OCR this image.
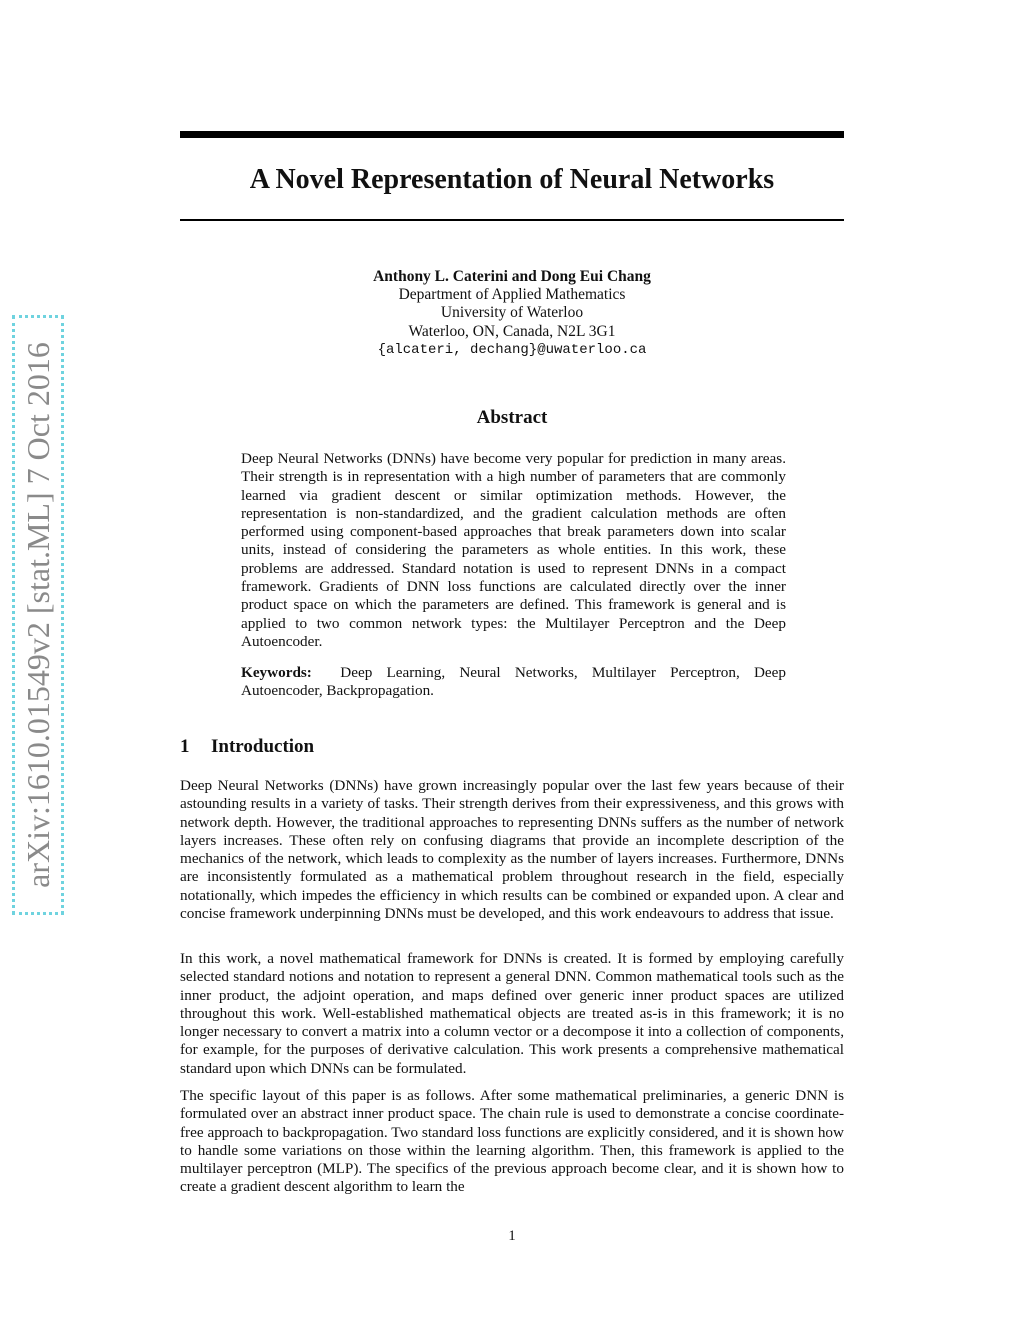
arXiv:1610.01549v2 [stat.ML] 7 Oct 2016
A Novel Representation of Neural Networks
Anthony L. Caterini and Dong Eui Chang
Department of Applied Mathematics
University of Waterloo
Waterloo, ON, Canada, N2L 3G1
{alcateri, dechang}@uwaterloo.ca
Abstract

Deep Neural Networks (DNNs) have become very popular for prediction in many areas. Their strength is in representation with a high number of parameters that are commonly learned via gradient descent or similar optimization methods. However, the representation is non-standardized, and the gradient calculation methods are often performed using component-based approaches that break parameters down into scalar units, instead of considering the parameters as whole entities. In this work, these problems are addressed. Standard notation is used to represent DNNs in a compact framework. Gradients of DNN loss functions are calculated directly over the inner product space on which the parameters are defined. This framework is general and is applied to two common network types: the Multilayer Perceptron and the Deep Autoencoder.

Keywords: Deep Learning, Neural Networks, Multilayer Perceptron, Deep Autoencoder, Backpropagation.

1 Introduction

Deep Neural Networks (DNNs) have grown increasingly popular over the last few years because of their astounding results in a variety of tasks. Their strength derives from their expressiveness, and this grows with network depth. However, the traditional approaches to representing DNNs suffers as the number of network layers increases. These often rely on confusing diagrams that provide an incomplete description of the mechanics of the network, which leads to complexity as the number of layers increases. Furthermore, DNNs are inconsistently formulated as a mathematical problem throughout research in the field, especially notationally, which impedes the efficiency in which results can be combined or expanded upon. A clear and concise framework underpinning DNNs must be developed, and this work endeavours to address that issue.

In this work, a novel mathematical framework for DNNs is created. It is formed by employing carefully selected standard notions and notation to represent a general DNN. Common mathematical tools such as the inner product, the adjoint operation, and maps defined over generic inner product spaces are utilized throughout this work. Well-established mathematical objects are treated as-is in this framework; it is no longer necessary to convert a matrix into a column vector or a decompose it into a collection of components, for example, for the purposes of derivative calculation. This work presents a comprehensive mathematical standard upon which DNNs can be formulated.

The specific layout of this paper is as follows. After some mathematical preliminaries, a generic DNN is formulated over an abstract inner product space. The chain rule is used to demonstrate a concise coordinate-free approach to backpropagation. Two standard loss functions are explicitly considered, and it is shown how to handle some variations on those within the learning algorithm. Then, this framework is applied to the multilayer perceptron (MLP). The specifics of the previous approach become clear, and it is shown how to create a gradient descent algorithm to learn the

1
